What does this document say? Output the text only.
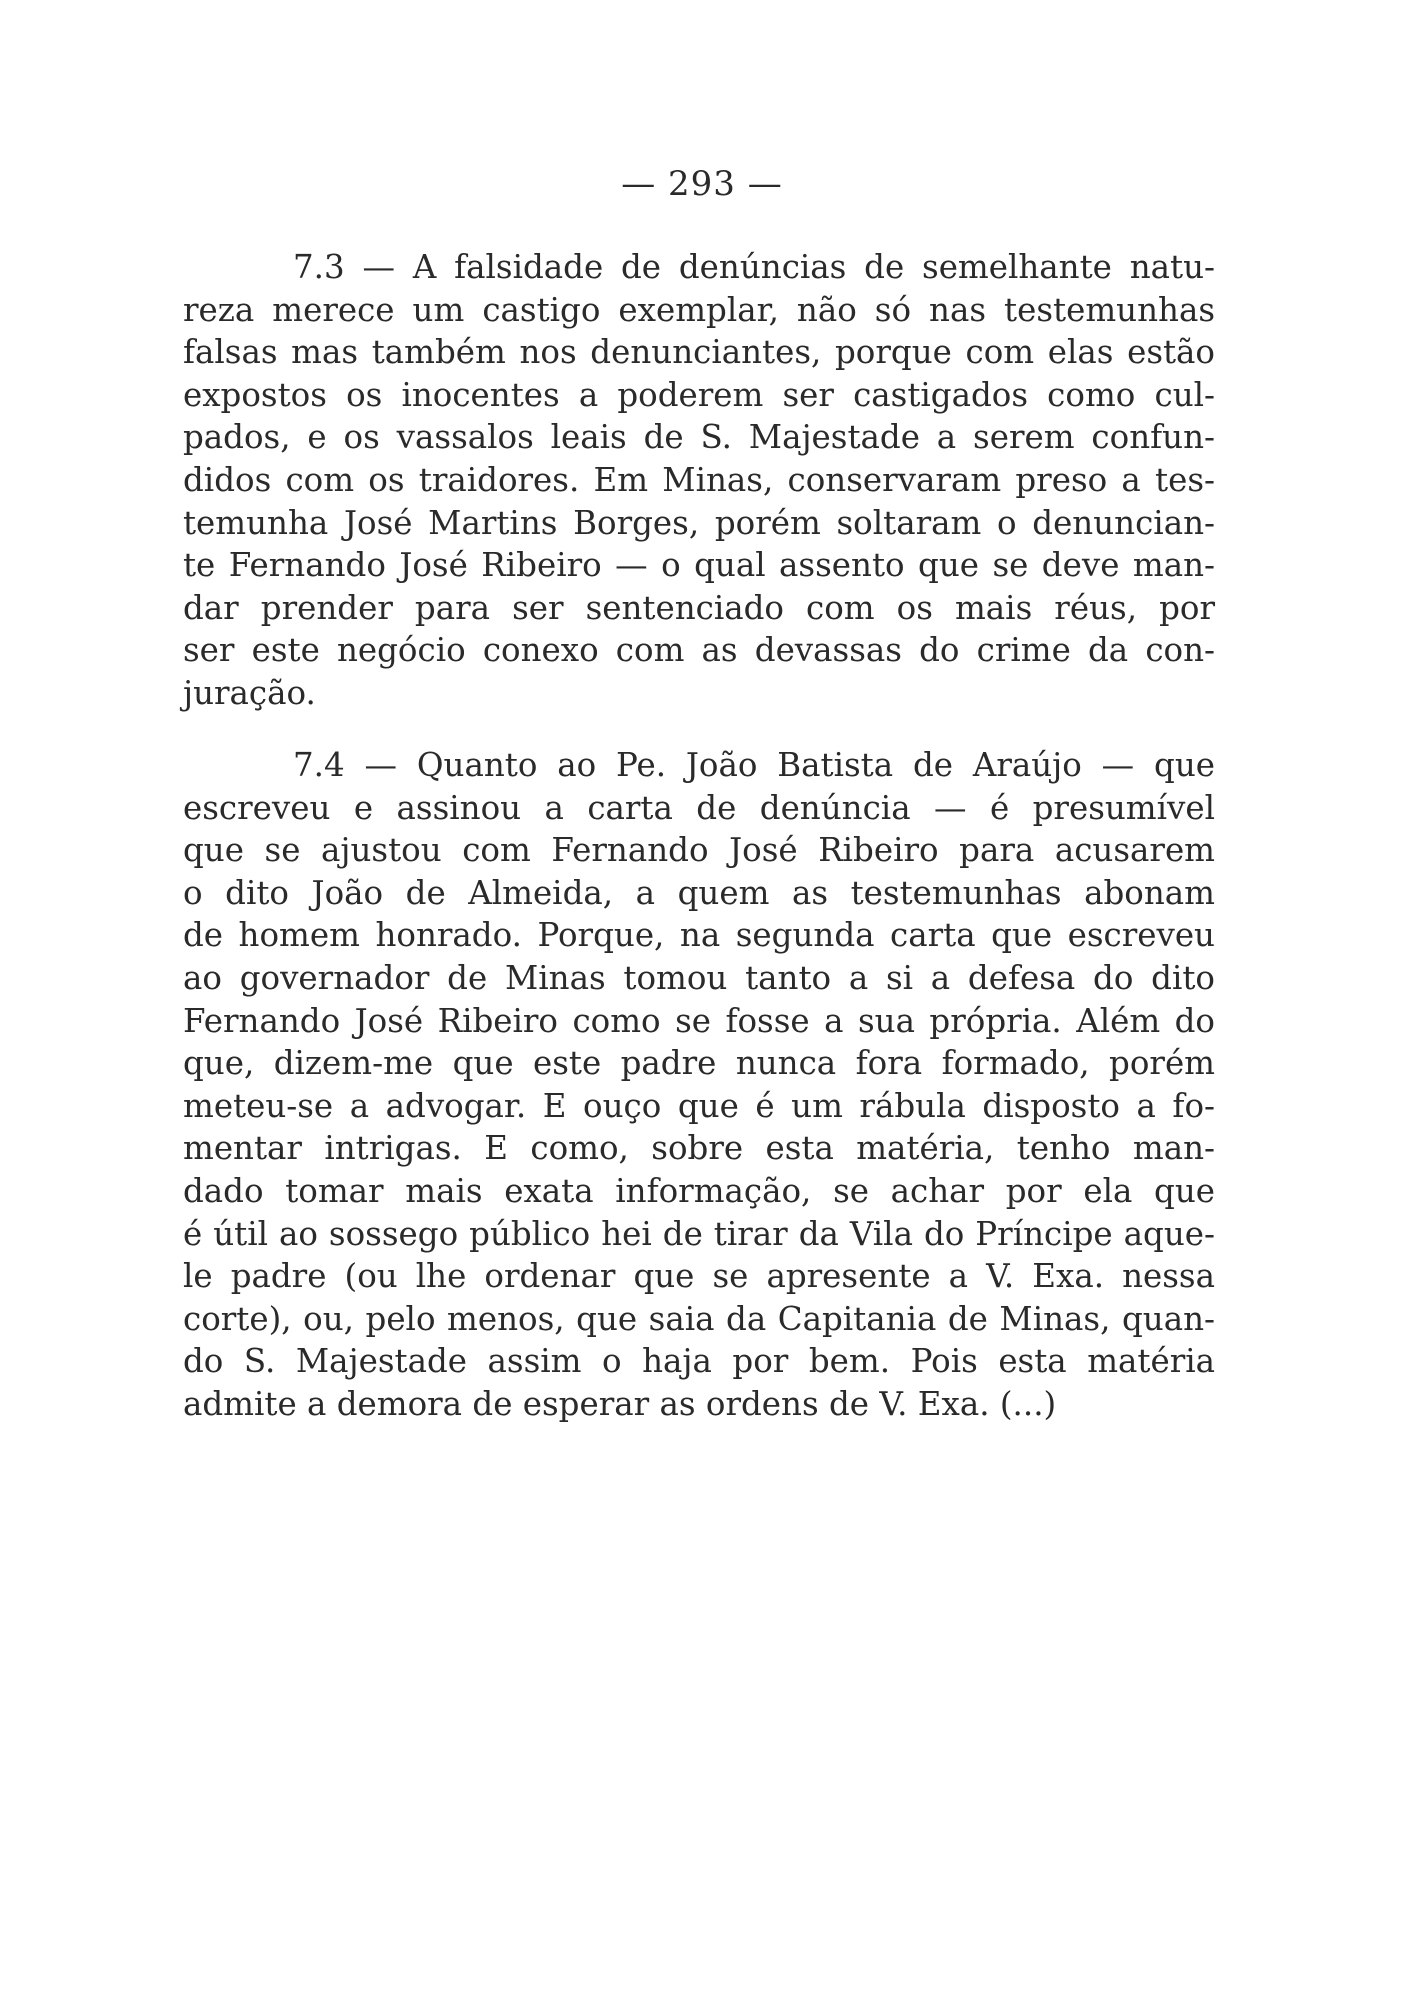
— 293 —
7.3 — A falsidade de denúncias de semelhante natu-
reza merece um castigo exemplar, não só nas testemunhas
falsas mas também nos denunciantes, porque com elas estão
expostos os inocentes a poderem ser castigados como cul-
pados, e os vassalos leais de S. Majestade a serem confun-
didos com os traidores. Em Minas, conservaram preso a tes-
temunha José Martins Borges, porém soltaram o denuncian-
te Fernando José Ribeiro — o qual assento que se deve man-
dar prender para ser sentenciado com os mais réus, por
ser este negócio conexo com as devassas do crime da con-
juração.
7.4 — Quanto ao Pe. João Batista de Araújo — que
escreveu e assinou a carta de denúncia — é presumível
que se ajustou com Fernando José Ribeiro para acusarem
o dito João de Almeida, a quem as testemunhas abonam
de homem honrado. Porque, na segunda carta que escreveu
ao governador de Minas tomou tanto a si a defesa do dito
Fernando José Ribeiro como se fosse a sua própria. Além do
que, dizem-me que este padre nunca fora formado, porém
meteu-se a advogar. E ouço que é um rábula disposto a fo-
mentar intrigas. E como, sobre esta matéria, tenho man-
dado tomar mais exata informação, se achar por ela que
é útil ao sossego público hei de tirar da Vila do Príncipe aque-
le padre (ou lhe ordenar que se apresente a V. Exa. nessa
corte), ou, pelo menos, que saia da Capitania de Minas, quan-
do S. Majestade assim o haja por bem. Pois esta matéria
admite a demora de esperar as ordens de V. Exa. (...)
